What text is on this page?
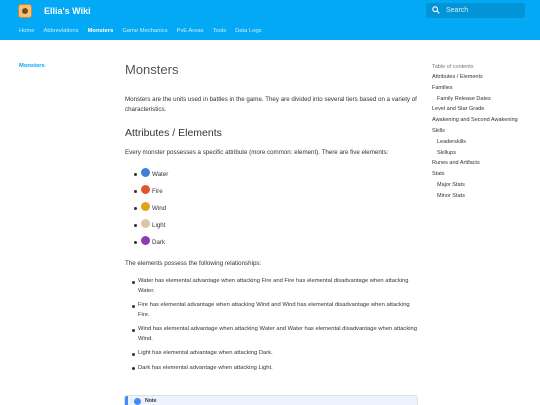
Ellia's Wiki	Search
Home Abbreviations Monsters Game Mechanics PvE Areas Tools Data Logs
Monsters	Monsters
Monsters are the units used in battles in the game. They are divided into several tiers based on a variety of characteristics.
Attributes / Elements
Every monster possesses a specific attribute (more common: element). There are five elements:
Water
Fire
Wind
Light
Dark
The elements possess the following relationships:
Water has elemental advantage when attacking Fire and Fire has elemental disadvantage when attacking Water.
Fire has elemental advantage when attacking Wind and Wind has elemental disadvantage when attacking Fire.
Wind has elemental advantage when attacking Water and Water has elemental disadvantage when attacking Wind.
Light has elemental advantage when attacking Dark.
Dark has elemental advantage when attacking Light.
Note
Table of contents
Attributes / Elements
Families
Family Release Dates
Level and Star Grade
Awakening and Second Awakening
Skills
Leaderskills
Skillups
Runes and Artifacts
Stats
Major Stats
Minor Stats
